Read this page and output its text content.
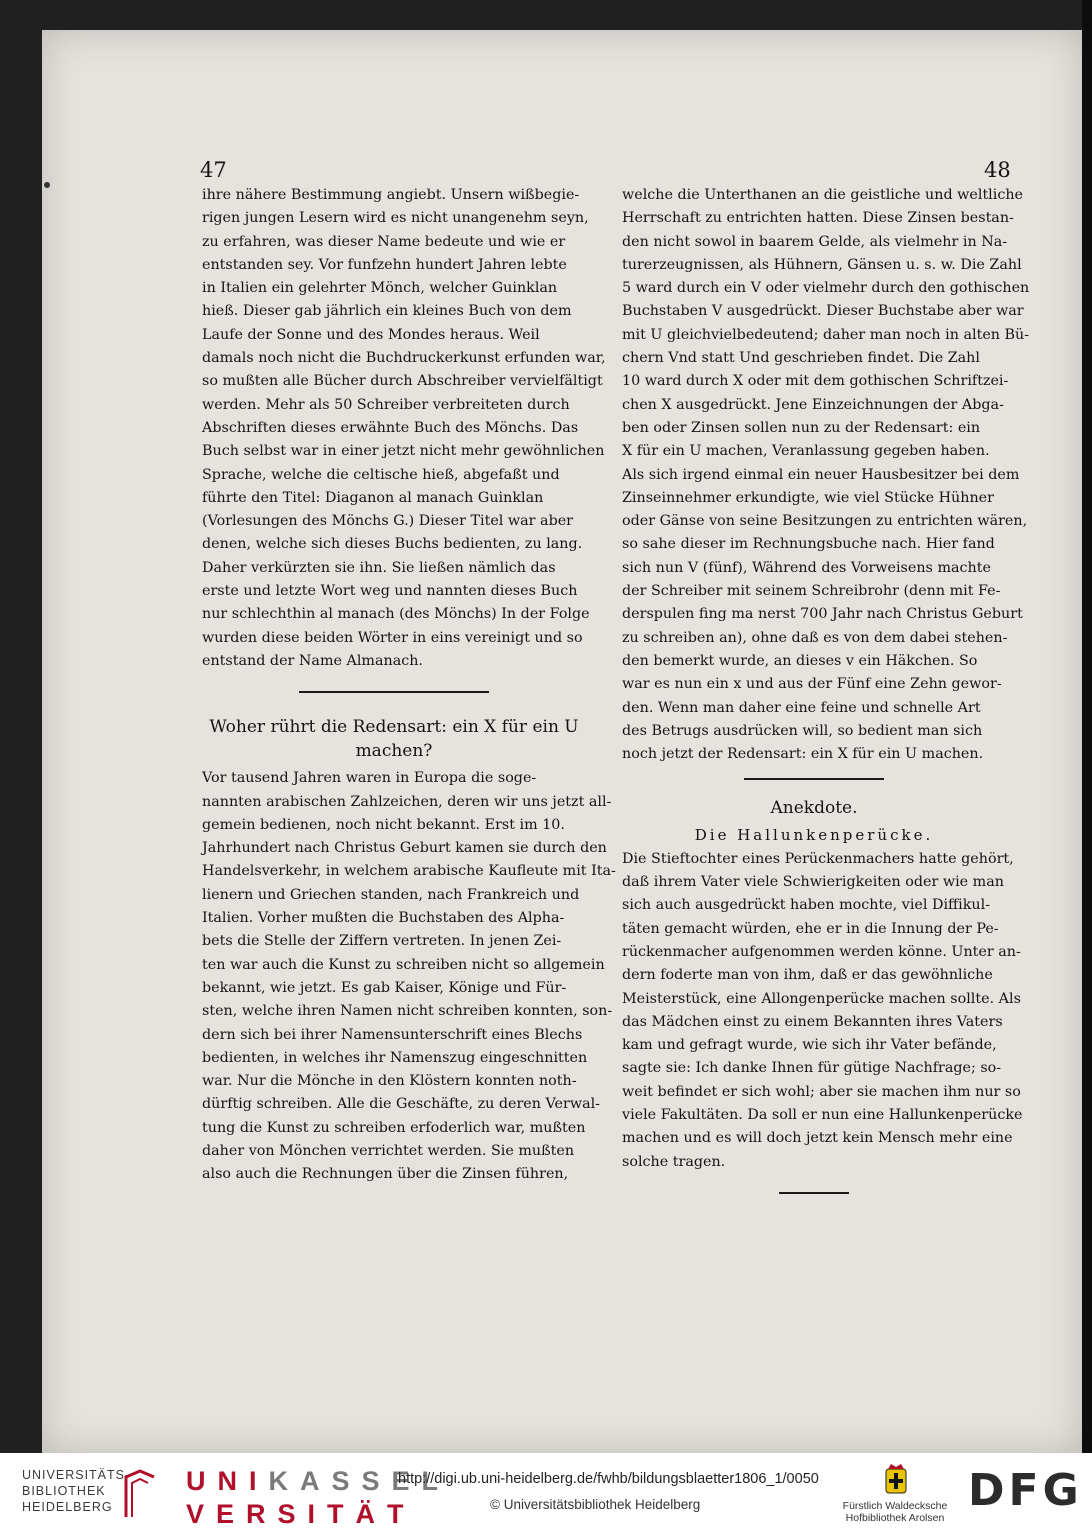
47	48
ihre nähere Bestimmung angiebt. Unsern wißbegie-
rigen jungen Lesern wird es nicht unangenehm seyn,
zu erfahren, was dieser Name bedeute und wie er
entstanden sey. Vor funfzehn hundert Jahren lebte
in Italien ein gelehrter Mönch, welcher Guinklan
hieß. Dieser gab jährlich ein kleines Buch von dem
Laufe der Sonne und des Mondes heraus. Weil
damals noch nicht die Buchdruckerkunst erfunden war,
so mußten alle Bücher durch Abschreiber vervielfältigt
werden. Mehr als 50 Schreiber verbreiteten durch
Abschriften dieses erwähnte Buch des Mönchs. Das
Buch selbst war in einer jetzt nicht mehr gewöhnlichen
Sprache, welche die celtische hieß, abgefaßt und
führte den Titel: Diaganon al manach Guinklan
(Vorlesungen des Mönchs G.) Dieser Titel war aber
denen, welche sich dieses Buchs bedienten, zu lang.
Daher verkürzten sie ihn. Sie ließen nämlich das
erste und letzte Wort weg und nannten dieses Buch
nur schlechthin al manach (des Mönchs) In der Folge
wurden diese beiden Wörter in eins vereinigt und so
entstand der Name Almanach.
Woher rührt die Redensart: ein X für ein U machen?
Vor tausend Jahren waren in Europa die soge-
nannten arabischen Zahlzeichen, deren wir uns jetzt all-
gemein bedienen, noch nicht bekannt. Erst im 10.
Jahrhundert nach Christus Geburt kamen sie durch den
Handelsverkehr, in welchem arabische Kaufleute mit Ita-
lienern und Griechen standen, nach Frankreich und
Italien. Vorher mußten die Buchstaben des Alpha-
bets die Stelle der Ziffern vertreten. In jenen Zei-
ten war auch die Kunst zu schreiben nicht so allgemein
bekannt, wie jetzt. Es gab Kaiser, Könige und Für-
sten, welche ihren Namen nicht schreiben konnten, son-
dern sich bei ihrer Namensunterschrift eines Blechs
bedienten, in welches ihr Namenszug eingeschnitten
war. Nur die Mönche in den Klöstern konnten noth-
dürftig schreiben. Alle die Geschäfte, zu deren Verwal-
tung die Kunst zu schreiben erfoderlich war, mußten
daher von Mönchen verrichtet werden. Sie mußten
also auch die Rechnungen über die Zinsen führen,
welche die Unterthanen an die geistliche und weltliche
Herrschaft zu entrichten hatten. Diese Zinsen bestan-
den nicht sowol in baarem Gelde, als vielmehr in Na-
turerzeugnissen, als Hühnern, Gänsen u. s. w. Die Zahl
5 ward durch ein V oder vielmehr durch den gothischen
Buchstaben V ausgedrückt. Dieser Buchstabe aber war
mit U gleichvielbedeutend; daher man noch in alten Bü-
chern Vnd statt Und geschrieben findet. Die Zahl
10 ward durch X oder mit dem gothischen Schriftzei-
chen X ausgedrückt. Jene Einzeichnungen der Abga-
ben oder Zinsen sollen nun zu der Redensart: ein
X für ein U machen, Veranlassung gegeben haben.
Als sich irgend einmal ein neuer Hausbesitzer bei dem
Zinseinnehmer erkundigte, wie viel Stücke Hühner
oder Gänse von seine Besitzungen zu entrichten wären,
so sahe dieser im Rechnungsbuche nach. Hier fand
sich nun V (fünf), Während des Vorweisens machte
der Schreiber mit seinem Schreibrohr (denn mit Fe-
derspulen fing ma nerst 700 Jahr nach Christus Geburt
zu schreiben an), ohne daß es von dem dabei stehen-
den bemerkt wurde, an dieses v ein Häkchen. So
war es nun ein x und aus der Fünf eine Zehn gewor-
den. Wenn man daher eine feine und schnelle Art
des Betrugs ausdrücken will, so bedient man sich
noch jetzt der Redensart: ein X für ein U machen.
Anekdote.
Die Hallunkenperücke.
Die Stieftochter eines Perückenmachers hatte gehört,
daß ihrem Vater viele Schwierigkeiten oder wie man
sich auch ausgedrückt haben mochte, viel Diffikul-
täten gemacht würden, ehe er in die Innung der Pe-
rückenmacher aufgenommen werden könne. Unter an-
dern foderte man von ihm, daß er das gewöhnliche
Meisterstück, eine Allongenperücke machen sollte. Als
das Mädchen einst zu einem Bekannten ihres Vaters
kam und gefragt wurde, wie sich ihr Vater befände,
sagte sie: Ich danke Ihnen für gütige Nachfrage; so-
weit befindet er sich wohl; aber sie machen ihm nur so
viele Fakultäten. Da soll er nun eine Hallunkenperücke
machen und es will doch jetzt kein Mensch mehr eine
solche tragen.
UNIVERSITÄTS-
BIBLIOTHEK
HEIDELBERG
UNIKASSEL
VERSITÄT
http://digi.ub.uni-heidelberg.de/fwhb/bildungsblaetter1806_1/0050
© Universitätsbibliothek Heidelberg	Fürstlich Waldecksche
Hofbibliothek Arolsen
DFG
